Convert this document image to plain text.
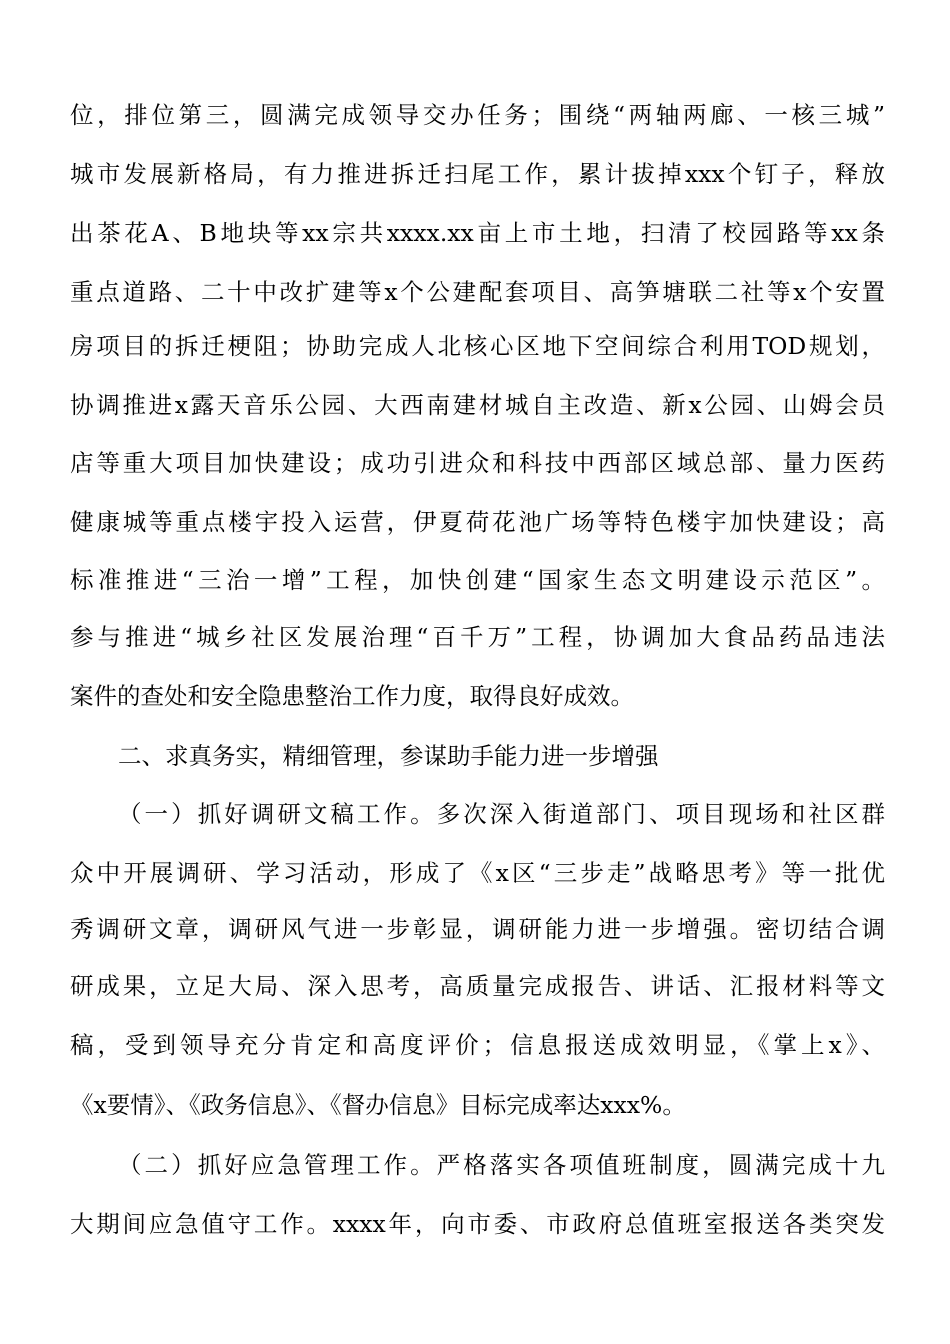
位，排位第三，圆满完成领导交办任务；围绕“两轴两廊、一核三城”
城市发展新格局，有力推进拆迁扫尾工作，累计拔掉xxx个钉子，释放
出茶花A、B地块等xx宗共xxxx.xx亩上市土地，扫清了校园路等xx条
重点道路、二十中改扩建等x个公建配套项目、高笋塘联二社等x个安置
房项目的拆迁梗阻；协助完成人北核心区地下空间综合利用TOD规划，
协调推进x露天音乐公园、大西南建材城自主改造、新x公园、山姆会员
店等重大项目加快建设；成功引进众和科技中西部区域总部、量力医药
健康城等重点楼宇投入运营，伊夏荷花池广场等特色楼宇加快建设；高
标准推进“三治一增”工程，加快创建“国家生态文明建设示范区”。
参与推进“城乡社区发展治理“百千万”工程，协调加大食品药品违法
案件的查处和安全隐患整治工作力度，取得良好成效。
二、求真务实，精细管理，参谋助手能力进一步增强
（一）抓好调研文稿工作。多次深入街道部门、项目现场和社区群
众中开展调研、学习活动，形成了《x区“三步走”战略思考》等一批优
秀调研文章，调研风气进一步彰显，调研能力进一步增强。密切结合调
研成果，立足大局、深入思考，高质量完成报告、讲话、汇报材料等文
稿，受到领导充分肯定和高度评价；信息报送成效明显，《掌上x》、
《x要情》、《政务信息》、《督办信息》目标完成率达xxx%。
（二）抓好应急管理工作。严格落实各项值班制度，圆满完成十九
大期间应急值守工作。xxxx年，向市委、市政府总值班室报送各类突发
